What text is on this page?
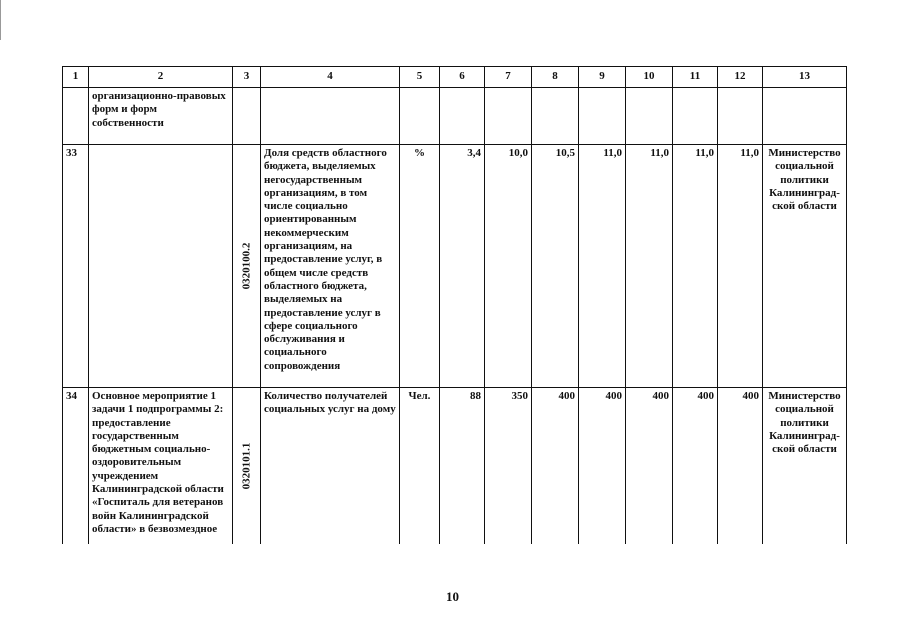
1	2	3	4	5	6	7	8	9	10	11	12	13
	организационно-правовых форм и форм собственности											
33		0320100.2	Доля средств областного бюджета, выделяемых негосударственным организациям, в том числе социально ориентированным некоммерческим организациям, на предоставление услуг, в общем числе средств областного бюджета, выделяемых на предоставление услуг в сфере социального обслуживания и социального сопровождения	%	3,4	10,0	10,5	11,0	11,0	11,0	11,0	Министерство социальной политики Калининград-ской области
34	Основное мероприятие 1 задачи 1 подпрограммы 2: предоставление государственным бюджетным социально-оздоровительным учреждением Калининградской области «Госпиталь для ветеранов войн Калининградской области» в безвозмездное	0320101.1	Количество получателей социальных услуг на дому	Чел.	88	350	400	400	400	400	400	Министерство социальной политики Калининград-ской области
10
